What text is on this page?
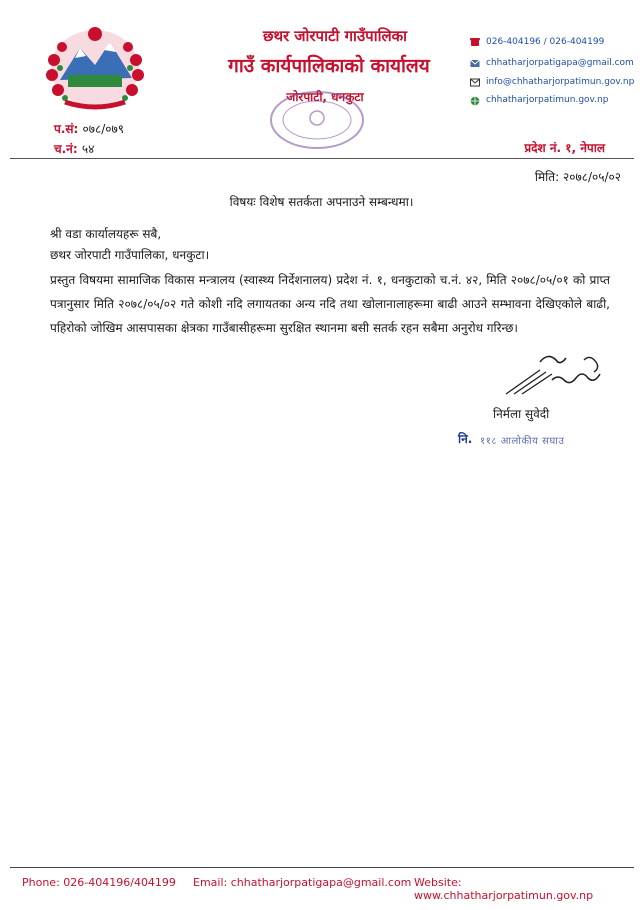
छथर जोरपाटी गाउँपालिका
गाउँ कार्यपालिकाको कार्यालय
जोरपाटी, धनकुटा
026-404196 / 026-404199
chhatharjorpatigapa@gmail.com
info@chhatharjorpatimun.gov.np
chhatharjorpatimun.gov.np
प.सं: ०७८/०७९
च.नं: ५४	प्रदेश नं. १, नेपाल
मिति: २०७८/०५/०२
विषयः विशेष सतर्कता अपनाउने सम्बन्धमा।
श्री वडा कार्यालयहरू सबै,
छथर जोरपाटी गाउँपालिका, धनकुटा।
प्रस्तुत विषयमा सामाजिक विकास मन्त्रालय (स्वास्थ्य निर्देशनालय) प्रदेश नं. १, धनकुटाको च.नं. ४२, मिति २०७८/०५/०१ को प्राप्त पत्रानुसार मिति २०७८/०५/०२ गते कोशी नदि लगायतका अन्य नदि तथा खोलानालाहरूमा बाढी आउने सम्भावना देखिएकोले बाढी, पहिरोको जोखिम आसपासका क्षेत्रका गाउँबासीहरूमा सुरक्षित स्थानमा बसी सतर्क रहन सबैमा अनुरोध गरिन्छ।
निर्मला सुवेदी
नि. ११८ आलोकीय सघाउ
Phone: 026-404196/404199 Email: chhatharjorpatigapa@gmail.com Website: www.chhatharjorpatimun.gov.np
